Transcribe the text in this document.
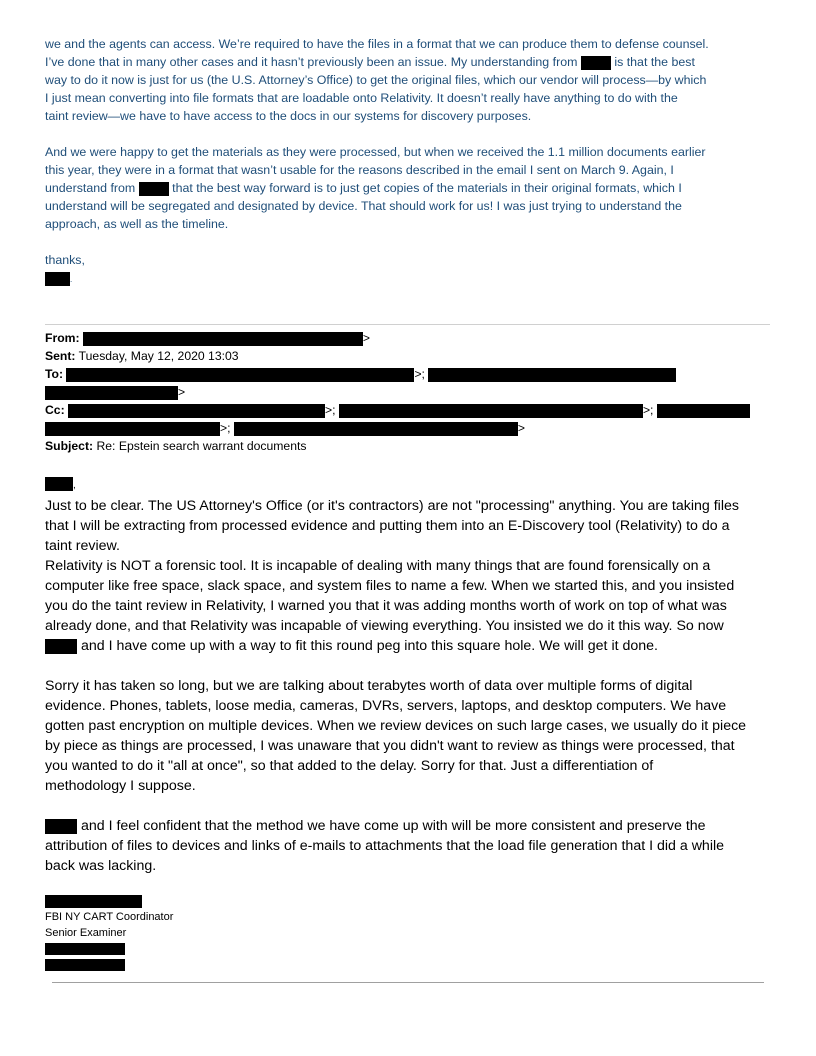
we and the agents can access. We’re required to have the files in a format that we can produce them to defense counsel.
I’ve done that in many other cases and it hasn’t previously been an issue. My understanding from	is that the best
way to do it now is just for us (the U.S. Attorney’s Office) to get the original files, which our vendor will process—by which
I just mean converting into file formats that are loadable onto Relativity. It doesn’t really have anything to do with the
taint review—we have to have access to the docs in our systems for discovery purposes.

And we were happy to get the materials as they were processed, but when we received the 1.1 million documents earlier
this year, they were in a format that wasn’t usable for the reasons described in the email I sent on March 9. Again, I
understand from	that the best way forward is to just get copies of the materials in their original formats, which I
understand will be segregated and designated by device. That should work for us! I was just trying to understand the
approach, as well as the timeline.

thanks,

.

From:	>
Sent: Tuesday, May 12, 2020 13:03
To:	>;
>
Cc:	>;	>;
>;	>
Subject: Re: Epstein search warrant documents

,

Just to be clear. The US Attorney's Office (or it's contractors) are not "processing" anything. You are taking files
that I will be extracting from processed evidence and putting them into an E-Discovery tool (Relativity) to do a
taint review.

Relativity is NOT a forensic tool. It is incapable of dealing with many things that are found forensically on a
computer like free space, slack space, and system files to name a few. When we started this, and you insisted
you do the taint review in Relativity, I warned you that it was adding months worth of work on top of what was
already done, and that Relativity was incapable of viewing everything. You insisted we do it this way. So now
and I have come up with a way to fit this round peg into this square hole. We will get it done.

Sorry it has taken so long, but we are talking about terabytes worth of data over multiple forms of digital
evidence. Phones, tablets, loose media, cameras, DVRs, servers, laptops, and desktop computers. We have
gotten past encryption on multiple devices. When we review devices on such large cases, we usually do it piece
by piece as things are processed, I was unaware that you didn't want to review as things were processed, that
you wanted to do it "all at once", so that added to the delay. Sorry for that. Just a differentiation of
methodology I suppose.

and I feel confident that the method we have come up with will be more consistent and preserve the
attribution of files to devices and links of e-mails to attachments that the load file generation that I did a while
back was lacking.

FBI NY CART Coordinator
Senior Examiner
